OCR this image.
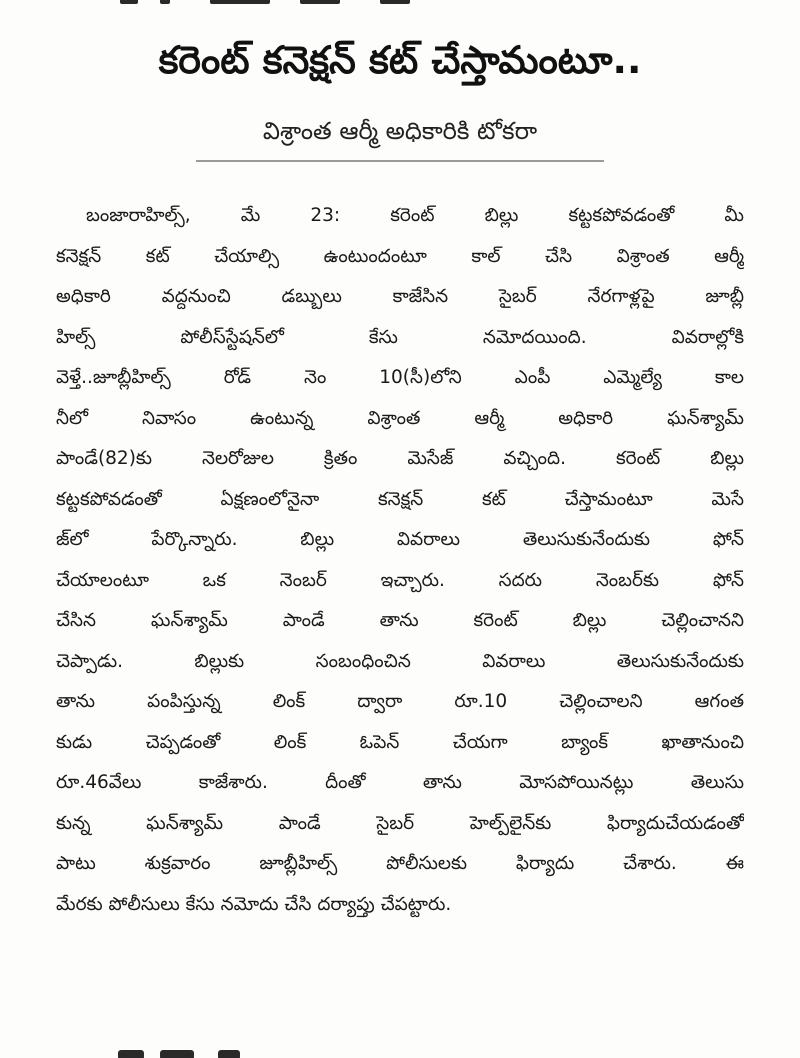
కరెంట్ కనెక్షన్ కట్ చేస్తామంటూ..
విశ్రాంత ఆర్మీ అధికారికి టోకరా
బంజారాహిల్స్, మే 23: కరెంట్ బిల్లు కట్టకపోవడంతో మీ
కనెక్షన్ కట్ చేయాల్సి ఉంటుందంటూ కాల్ చేసి విశ్రాంత ఆర్మీ
అధికారి వద్దనుంచి డబ్బులు కాజేసిన సైబర్ నేరగాళ్లపై జూబ్లీ
హిల్స్ పోలీస్‌స్టేషన్‌లో కేసు నమోదయింది. వివరాల్లోకి
వెళ్తే..జూబ్లీహిల్స్ రోడ్ నెం 10(సీ)లోని ఎంపీ ఎమ్మెల్యే కాల
నీలో నివాసం ఉంటున్న విశ్రాంత ఆర్మీ అధికారి ఘన్‌శ్యామ్
పాండే(82)కు నెలరోజుల క్రితం మెసేజ్ వచ్చింది. కరెంట్ బిల్లు
కట్టకపోవడంతో ఏక్షణంలోనైనా కనెక్షన్ కట్ చేస్తామంటూ మెసే
జ్‌లో పేర్కొన్నారు. బిల్లు వివరాలు తెలుసుకునేందుకు ఫోన్
చేయాలంటూ ఒక నెంబర్ ఇచ్చారు. సదరు నెంబర్‌కు ఫోన్
చేసిన ఘన్‌శ్యామ్ పాండే తాను కరెంట్ బిల్లు చెల్లించానని
చెప్పాడు. బిల్లుకు సంబంధించిన వివరాలు తెలుసుకునేందుకు
తాను పంపిస్తున్న లింక్ ద్వారా రూ.10 చెల్లించాలని ఆగంత
కుడు చెప్పడంతో లింక్ ఓపెన్ చేయగా బ్యాంక్ ఖాతానుంచి
రూ.46వేలు కాజేశారు. దీంతో తాను మోసపోయినట్లు తెలుసు
కున్న ఘన్‌శ్యామ్ పాండే సైబర్ హెల్ప్‌లైన్‌కు ఫిర్యాదుచేయడంతో
పాటు శుక్రవారం జూబ్లీహిల్స్ పోలీసులకు ఫిర్యాదు చేశారు. ఈ
మేరకు పోలీసులు కేసు నమోదు చేసి దర్యాప్తు చేపట్టారు.
